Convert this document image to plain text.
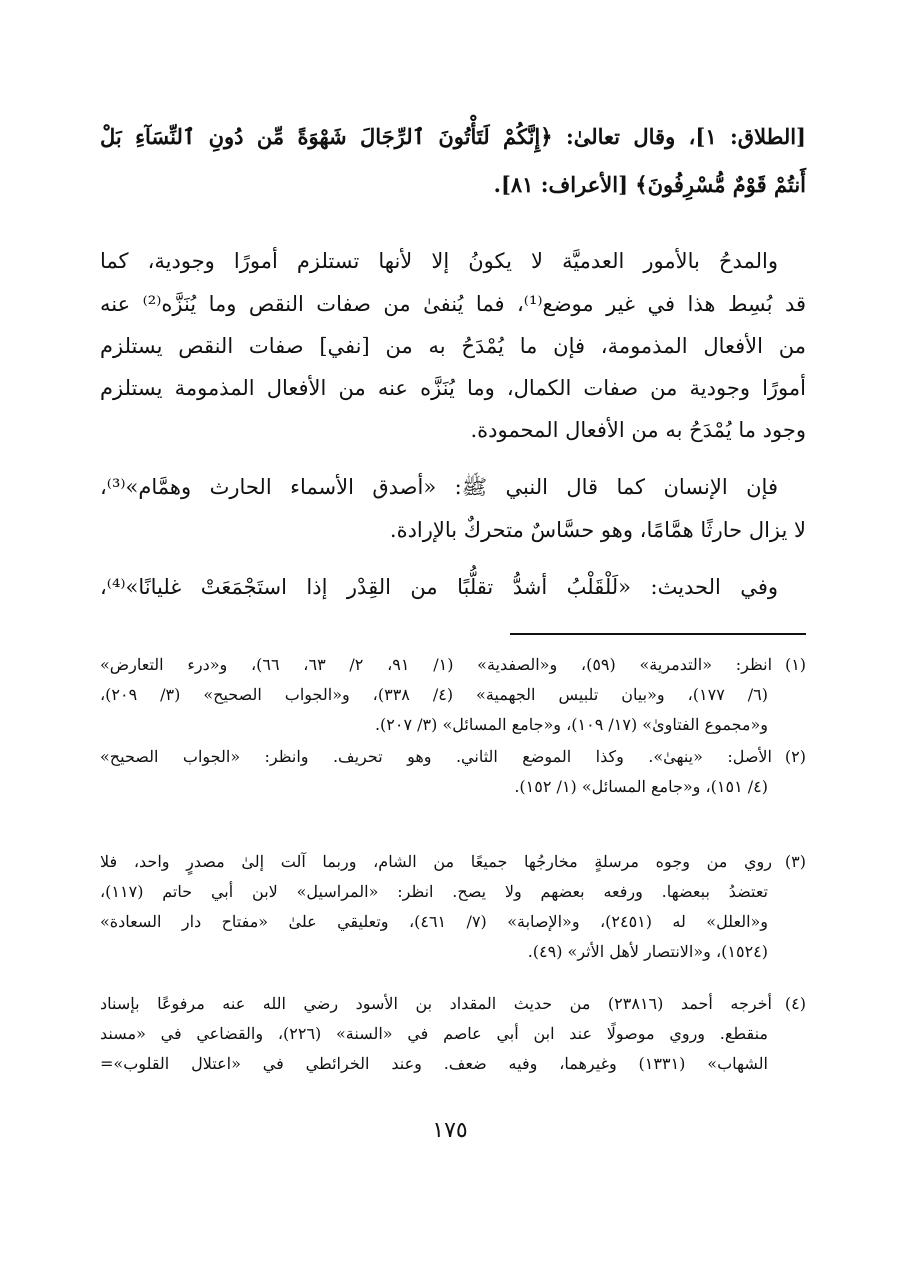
[الطلاق: ١]، وقال تعالىٰ: ﴿إِنَّكُمْ لَتَأْتُونَ ٱلرِّجَالَ شَهْوَةً مِّن دُونِ ٱلنِّسَآءِ بَلْ
أَنتُمْ قَوْمٌ مُّسْرِفُونَ﴾ [الأعراف: ٨١].
والمدحُ بالأمور العدميَّة لا يكونُ إلا لأنها تستلزم أمورًا وجودية، كما
قد بُسِط هذا في غير موضع⁽¹⁾، فما يُنفىٰ من صفات النقص وما يُنَزَّه⁽²⁾ عنه
من الأفعال المذمومة، فإن ما يُمْدَحُ به من [نفي] صفات النقص يستلزم
أمورًا وجودية من صفات الكمال، وما يُنَزَّه عنه من الأفعال المذمومة يستلزم
وجود ما يُمْدَحُ به من الأفعال المحمودة.
فإن الإنسان كما قال النبي ﷺ: «أصدق الأسماء الحارث وهمَّام»⁽³⁾،
لا يزال حارثًا همَّامًا، وهو حسَّاسٌ متحركٌ بالإرادة.
وفي الحديث: «لَلْقَلْبُ أشدُّ تقلُّبًا من القِدْر إذا استَجْمَعَتْ غليانًا»⁽⁴⁾،
(١)انظر: «التدمرية» (٥٩)، و«الصفدية» (١/ ٩١، ٢/ ٦٣، ٦٦)، و«درء التعارض»
(٦/ ١٧٧)، و«بيان تلبيس الجهمية» (٤/ ٣٣٨)، و«الجواب الصحيح» (٣/ ٢٠٩)،
و«مجموع الفتاوىٰ» (١٧/ ١٠٩)، و«جامع المسائل» (٣/ ٢٠٧).
(٢)الأصل: «ينهىٰ». وكذا الموضع الثاني. وهو تحريف. وانظر: «الجواب الصحيح»
(٤/ ١٥١)، و«جامع المسائل» (١/ ١٥٢).
(٣)روي من وجوه مرسلةٍ مخارجُها جميعًا من الشام، وربما آلت إلىٰ مصدرٍ واحد، فلا
تعتضدُ ببعضها. ورفعه بعضهم ولا يصح. انظر: «المراسيل» لابن أبي حاتم (١١٧)،
و«العلل» له (٢٤٥١)، و«الإصابة» (٧/ ٤٦١)، وتعليقي علىٰ «مفتاح دار السعادة»
(١٥٢٤)، و«الانتصار لأهل الأثر» (٤٩).
(٤)أخرجه أحمد (٢٣٨١٦) من حديث المقداد بن الأسود رضي الله عنه مرفوعًا بإسناد
منقطع. وروي موصولًا عند ابن أبي عاصم في «السنة» (٢٢٦)، والقضاعي في «مسند
الشهاب» (١٣٣١) وغيرهما، وفيه ضعف. وعند الخرائطي في «اعتلال القلوب»=
١٧٥
